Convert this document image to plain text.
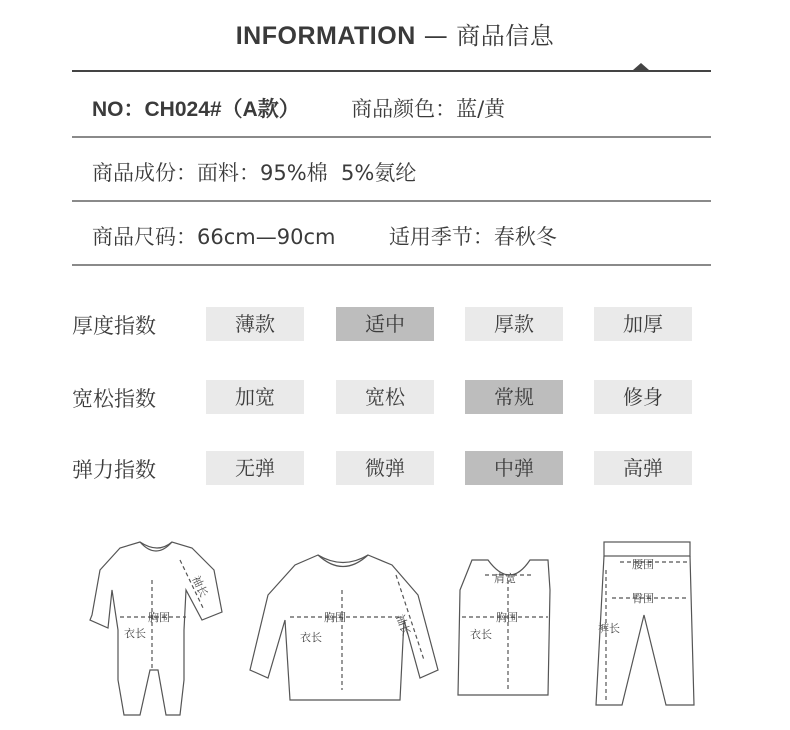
INFORMATION — 商品信息
NO：CH024#（A款） 商品颜色：蓝/黄
商品成份：面料：95%棉  5%氨纶
商品尺码：66cm—90cm	适用季节：春秋冬
厚度指数	薄款	适中	厚款	加厚
宽松指数	加宽	宽松	常规	修身
弹力指数	无弹	微弹	中弹	高弹
袖长
胸围
衣长
胸围
衣长	袖长
肩宽
胸围
衣长
腰围
臀围
裤长
